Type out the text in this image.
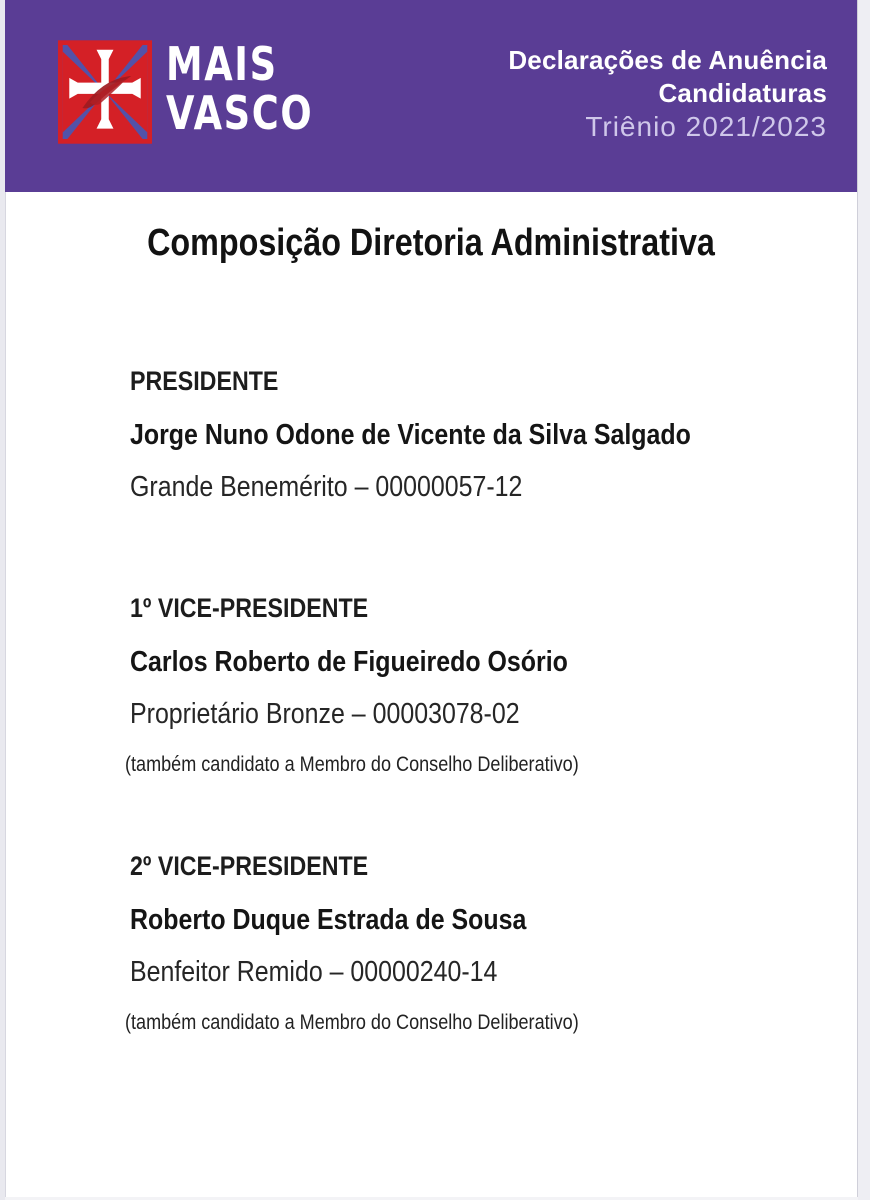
MAIS
VASCO
Declarações de Anuência
Candidaturas
Triênio 2021/2023
Composição Diretoria Administrativa
PRESIDENTE
Jorge Nuno Odone de Vicente da Silva Salgado
Grande Benemérito – 00000057-12
1º VICE-PRESIDENTE
Carlos Roberto de Figueiredo Osório
Proprietário Bronze – 00003078-02
(também candidato a Membro do Conselho Deliberativo)
2º VICE-PRESIDENTE
Roberto Duque Estrada de Sousa
Benfeitor Remido – 00000240-14
(também candidato a Membro do Conselho Deliberativo)
